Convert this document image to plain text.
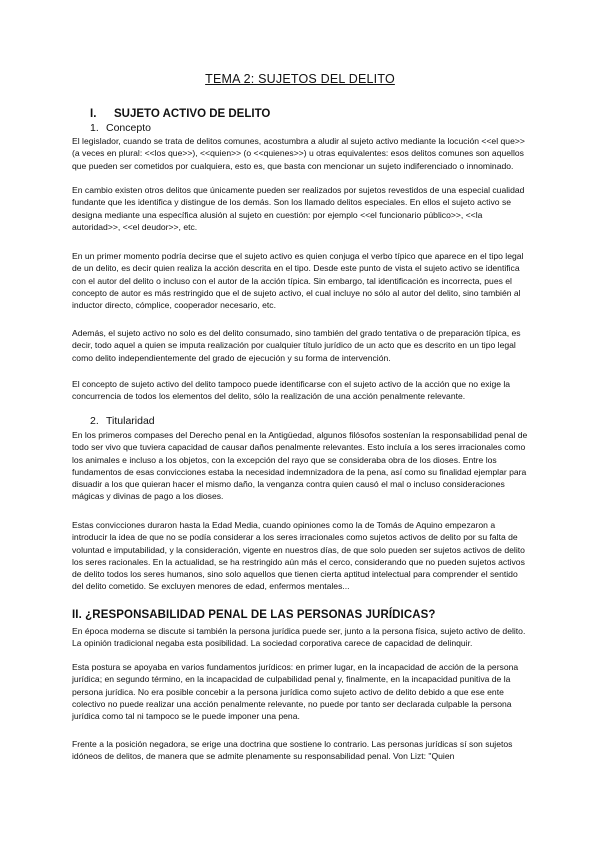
TEMA 2: SUJETOS DEL DELITO
I. SUJETO ACTIVO DE DELITO
1. Concepto

El legislador, cuando se trata de delitos comunes, acostumbra a aludir al sujeto activo mediante la locución <<el que>> (a veces en plural: <<los que>>), <<quien>> (o <<quienes>>) u otras equivalentes: esos delitos comunes son aquellos que pueden ser cometidos por cualquiera, esto es, que basta con mencionar un sujeto indiferenciado o innominado.

En cambio existen otros delitos que únicamente pueden ser realizados por sujetos revestidos de una especial cualidad fundante que les identifica y distingue de los demás. Son los llamado delitos especiales. En ellos el sujeto activo se designa mediante una específica alusión al sujeto en cuestión: por ejemplo <<el funcionario público>>, <<la autoridad>>, <<el deudor>>, etc.

En un primer momento podría decirse que el sujeto activo es quien conjuga el verbo típico que aparece en el tipo legal de un delito, es decir quien realiza la acción descrita en el tipo. Desde este punto de vista el sujeto activo se identifica con el autor del delito o incluso con el autor de la acción típica. Sin embargo, tal identificación es incorrecta, pues el concepto de autor es más restringido que el de sujeto activo, el cual incluye no sólo al autor del delito, sino también al inductor directo, cómplice, cooperador necesario, etc.

Además, el sujeto activo no solo es del delito consumado, sino también del grado tentativa o de preparación típica, es decir, todo aquel a quien se imputa realización por cualquier título jurídico de un acto que es descrito en un tipo legal como delito independientemente del grado de ejecución y su forma de intervención.

El concepto de sujeto activo del delito tampoco puede identificarse con el sujeto activo de la acción que no exige la concurrencia de todos los elementos del delito, sólo la realización de una acción penalmente relevante.

2. Titularidad

En los primeros compases del Derecho penal en la Antigüedad, algunos filósofos sostenían la responsabilidad penal de todo ser vivo que tuviera capacidad de causar daños penalmente relevantes. Esto incluía a los seres irracionales como los animales e incluso a los objetos, con la excepción del rayo que se consideraba obra de los dioses. Entre los fundamentos de esas convicciones estaba la necesidad indemnizadora de la pena, así como su finalidad ejemplar para disuadir a los que quieran hacer el mismo daño, la venganza contra quien causó el mal o incluso consideraciones mágicas y divinas de pago a los dioses.

Estas convicciones duraron hasta la Edad Media, cuando opiniones como la de Tomás de Aquino empezaron a introducir la idea de que no se podía considerar a los seres irracionales como sujetos activos de delito por su falta de voluntad e imputabilidad, y la consideración, vigente en nuestros días, de que solo pueden ser sujetos activos de delito los seres racionales. En la actualidad, se ha restringido aún más el cerco, considerando que no pueden sujetos activos de delito todos los seres humanos, sino solo aquellos que tienen cierta aptitud intelectual para comprender el sentido del delito cometido. Se excluyen menores de edad, enfermos mentales...

II. ¿RESPONSABILIDAD PENAL DE LAS PERSONAS JURÍDICAS?

En época moderna se discute si también la persona jurídica puede ser, junto a la persona física, sujeto activo de delito. La opinión tradicional negaba esta posibilidad. La sociedad corporativa carece de capacidad de delinquir.

Esta postura se apoyaba en varios fundamentos jurídicos: en primer lugar, en la incapacidad de acción de la persona jurídica; en segundo término, en la incapacidad de culpabilidad penal y, finalmente, en la incapacidad punitiva de la persona jurídica. No era posible concebir a la persona jurídica como sujeto activo de delito debido a que ese ente colectivo no puede realizar una acción penalmente relevante, no puede por tanto ser declarada culpable la persona jurídica como tal ni tampoco se le puede imponer una pena.

Frente a la posición negadora, se erige una doctrina que sostiene lo contrario. Las personas jurídicas sí son sujetos idóneos de delitos, de manera que se admite plenamente su responsabilidad penal. Von Lizt: "Quien
